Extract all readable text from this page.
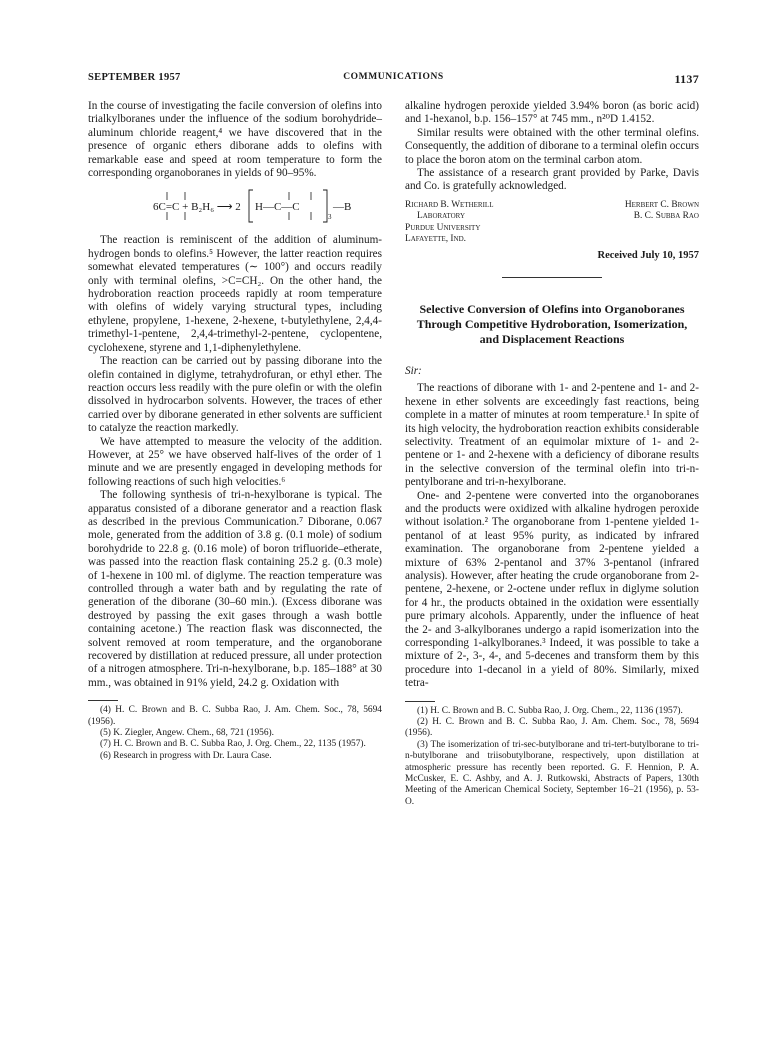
SEPTEMBER 1957	COMMUNICATIONS	1137

In the course of investigating the facile conversion of olefins into trialkylboranes under the influence of the sodium borohydride–aluminum chloride reagent,⁴ we have discovered that in the presence of organic ethers diborane adds to olefins with remarkable ease and speed at room temperature to form the corresponding organoboranes in yields of 90–95%.

6C=C + B₂H₆ ⟶ 2 H—C—C
3
—B

The reaction is reminiscent of the addition of aluminum-hydrogen bonds to olefins.⁵ However, the latter reaction requires somewhat elevated temperatures (∼ 100°) and occurs readily only with terminal olefins, >C=CH₂. On the other hand, the hydroboration reaction proceeds rapidly at room temperature with olefins of widely varying structural types, including ethylene, propylene, 1-hexene, 2-hexene, t-butylethylene, 2,4,4-trimethyl-1-pentene, 2,4,4-trimethyl-2-pentene, cyclopentene, cyclohexene, styrene and 1,1-diphenylethylene.

The reaction can be carried out by passing diborane into the olefin contained in diglyme, tetrahydrofuran, or ethyl ether. The reaction occurs less readily with the pure olefin or with the olefin dissolved in hydrocarbon solvents. However, the traces of ether carried over by diborane generated in ether solvents are sufficient to catalyze the reaction markedly.

We have attempted to measure the velocity of the addition. However, at 25° we have observed half-lives of the order of 1 minute and we are presently engaged in developing methods for following reactions of such high velocities.⁶

The following synthesis of tri-n-hexylborane is typical. The apparatus consisted of a diborane generator and a reaction flask as described in the previous Communication.⁷ Diborane, 0.067 mole, generated from the addition of 3.8 g. (0.1 mole) of sodium borohydride to 22.8 g. (0.16 mole) of boron trifluoride–etherate, was passed into the reaction flask containing 25.2 g. (0.3 mole) of 1-hexene in 100 ml. of diglyme. The reaction temperature was controlled through a water bath and by regulating the rate of generation of the diborane (30–60 min.). (Excess diborane was destroyed by passing the exit gases through a wash bottle containing acetone.) The reaction flask was disconnected, the solvent removed at room temperature, and the organoborane recovered by distillation at reduced pressure, all under protection of a nitrogen atmosphere. Tri-n-hexylborane, b.p. 185–188° at 30 mm., was obtained in 91% yield, 24.2 g. Oxidation with

(4) H. C. Brown and B. C. Subba Rao, J. Am. Chem. Soc., 78, 5694 (1956).

(5) K. Ziegler, Angew. Chem., 68, 721 (1956).

(7) H. C. Brown and B. C. Subba Rao, J. Org. Chem., 22, 1135 (1957).

(6) Research in progress with Dr. Laura Case.

alkaline hydrogen peroxide yielded 3.94% boron (as boric acid) and 1-hexanol, b.p. 156–157° at 745 mm., n²⁰D 1.4152.

Similar results were obtained with the other terminal olefins. Consequently, the addition of diborane to a terminal olefin occurs to place the boron atom on the terminal carbon atom.

The assistance of a research grant provided by Parke, Davis and Co. is gratefully acknowledged.

Richard B. Wetherill
Laboratory
Purdue University
Lafayette, Ind.
Herbert C. Brown
B. C. Subba Rao
Received July 10, 1957
Selective Conversion of Olefins into Organoboranes Through Competitive Hydroboration, Isomerization, and Displacement Reactions
Sir:

The reactions of diborane with 1- and 2-pentene and 1- and 2-hexene in ether solvents are exceedingly fast reactions, being complete in a matter of minutes at room temperature.¹ In spite of its high velocity, the hydroboration reaction exhibits considerable selectivity. Treatment of an equimolar mixture of 1- and 2-pentene or 1- and 2-hexene with a deficiency of diborane results in the selective conversion of the terminal olefin into tri-n-pentylborane and tri-n-hexylborane.

One- and 2-pentene were converted into the organoboranes and the products were oxidized with alkaline hydrogen peroxide without isolation.² The organoborane from 1-pentene yielded 1-pentanol of at least 95% purity, as indicated by infrared examination. The organoborane from 2-pentene yielded a mixture of 63% 2-pentanol and 37% 3-pentanol (infrared analysis). However, after heating the crude organoborane from 2-pentene, 2-hexene, or 2-octene under reflux in diglyme solution for 4 hr., the products obtained in the oxidation were essentially pure primary alcohols. Apparently, under the influence of heat the 2- and 3-alkylboranes undergo a rapid isomerization into the corresponding 1-alkylboranes.³ Indeed, it was possible to take a mixture of 2-, 3-, 4-, and 5-decenes and transform them by this procedure into 1-decanol in a yield of 80%. Similarly, mixed tetra-

(1) H. C. Brown and B. C. Subba Rao, J. Org. Chem., 22, 1136 (1957).

(2) H. C. Brown and B. C. Subba Rao, J. Am. Chem. Soc., 78, 5694 (1956).

(3) The isomerization of tri-sec-butylborane and tri-tert-butylborane to tri-n-butylborane and triisobutylborane, respectively, upon distillation at atmospheric pressure has recently been reported. G. F. Hennion, P. A. McCusker, E. C. Ashby, and A. J. Rutkowski, Abstracts of Papers, 130th Meeting of the American Chemical Society, September 16–21 (1956), p. 53-O.
